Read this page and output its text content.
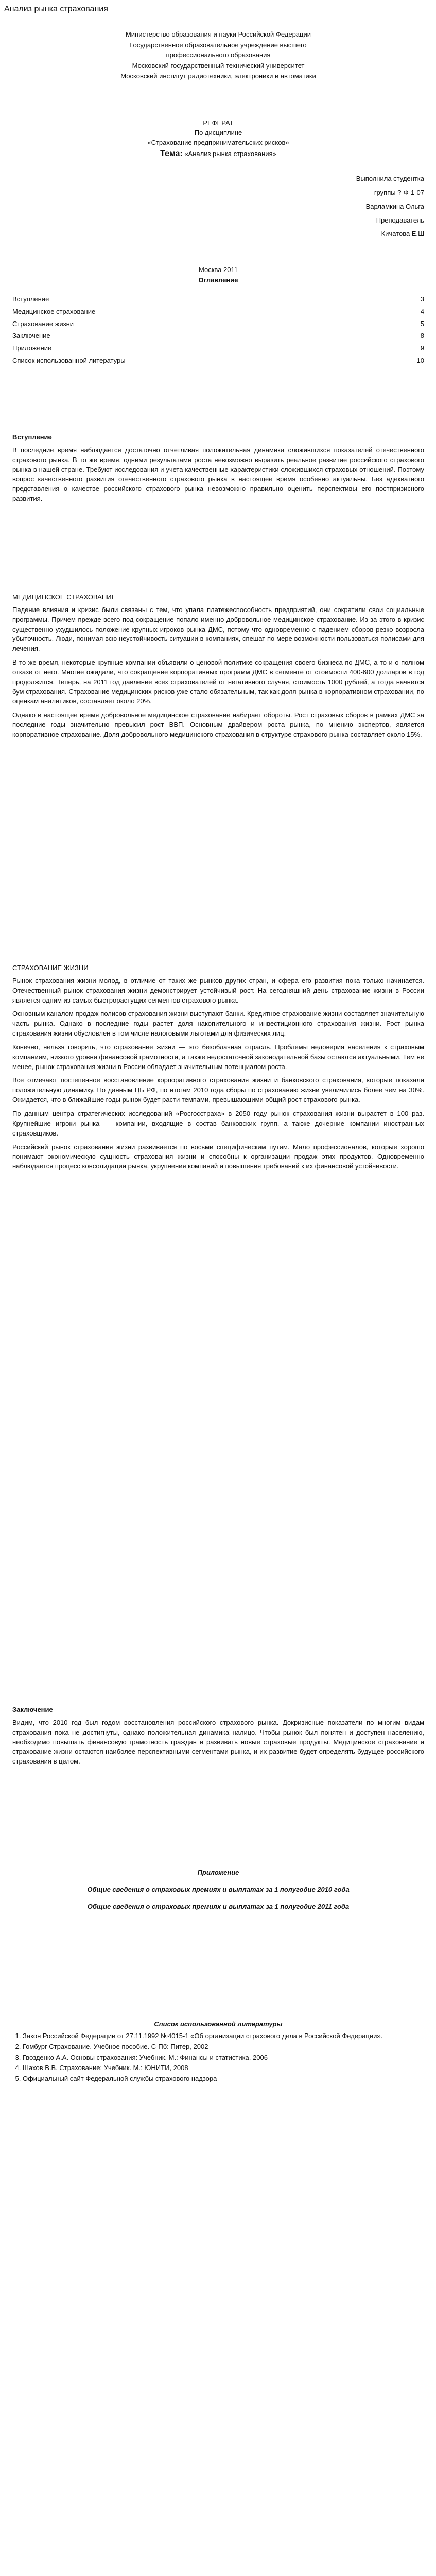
Анализ рынка страхования
Министерство образования и науки Российской Федерации
Государственное образовательное учреждение высшего профессионального образования
Московский государственный технический университет
Московский институт радиотехники, электроники и автоматики
РЕФЕРАТ
По дисциплине
«Страхование предпринимательских рисков»
Тема: «Анализ рынка страхования»
Выполнила студентка
группы ?-Ф-1-07
Варламкина Ольга
Преподаватель
Кичатова Е.Ш
Москва 2011
Оглавление
Вступление	3
Медицинское страхование	4
Страхование жизни	5
Заключение	8
Приложение	9
Список использованной литературы	10
Вступление

В последние время наблюдается достаточно отчетливая положительная динамика сложившихся показателей отечественного страхового рынка. В то же время, одними результатами роста невозможно выразить реальное развитие российского страхового рынка в нашей стране. Требуют исследования и учета качественные характеристики сложившихся страховых отношений. Поэтому вопрос качественного развития отечественного страхового рынка в настоящее время особенно актуальны. Без адекватного представления о качестве российского страхового рынка невозможно правильно оценить перспективы его постпризисного развития.

МЕДИЦИНСКОЕ СТРАХОВАНИЕ

Падение влияния и кризис были связаны с тем, что упала платежеспособность предприятий, они сократили свои социальные программы. Причем прежде всего под сокращение попало именно добровольное медицинское страхование. Из-за этого в кризис существенно ухудшилось положение крупных игроков рынка ДМС, потому что одновременно с падением сборов резко возросла убыточность. Люди, понимая всю неустойчивость ситуации в компаниях, спешат по мере возможности пользоваться полисами для лечения.

В то же время, некоторые крупные компании объявили о ценовой политике сокращения своего бизнеса по ДМС, а то и о полном отказе от него. Многие ожидали, что сокращение корпоративных программ ДМС в сегменте от стоимости 400-600 долларов в год продолжится. Теперь, на 2011 год давление всех страхователей от негативного случая, стоимость 1000 рублей, а тогда начнется бум страхования. Страхование медицинских рисков уже стало обязательным, так как доля рынка в корпоративном страховании, по оценкам аналитиков, составляет около 20%.

Однако в настоящее время добровольное медицинское страхование набирает обороты. Рост страховых сборов в рамках ДМС за последние годы значительно превысил рост ВВП. Основным драйвером роста рынка, по мнению экспертов, является корпоративное страхование. Доля добровольного медицинского страхования в структуре страхового рынка составляет около 15%.

СТРАХОВАНИЕ ЖИЗНИ

Рынок страхования жизни молод, в отличие от таких же рынков других стран, и сфера его развития пока только начинается. Отечественный рынок страхования жизни демонстрирует устойчивый рост. На сегодняшний день страхование жизни в России является одним из самых быстрорастущих сегментов страхового рынка.

Основным каналом продаж полисов страхования жизни выступают банки. Кредитное страхование жизни составляет значительную часть рынка. Однако в последние годы растет доля накопительного и инвестиционного страхования жизни. Рост рынка страхования жизни обусловлен в том числе налоговыми льготами для физических лиц.

Конечно, нельзя говорить, что страхование жизни — это безоблачная отрасль. Проблемы недоверия населения к страховым компаниям, низкого уровня финансовой грамотности, а также недостаточной законодательной базы остаются актуальными. Тем не менее, рынок страхования жизни в России обладает значительным потенциалом роста.

Все отмечают постепенное восстановление корпоративного страхования жизни и банковского страхования, которые показали положительную динамику. По данным ЦБ РФ, по итогам 2010 года сборы по страхованию жизни увеличились более чем на 30%. Ожидается, что в ближайшие годы рынок будет расти темпами, превышающими общий рост страхового рынка.

По данным центра стратегических исследований «Росгосстраха» в 2050 году рынок страхования жизни вырастет в 100 раз. Крупнейшие игроки рынка — компании, входящие в состав банковских групп, а также дочерние компании иностранных страховщиков.

Российский рынок страхования жизни развивается по восьми специфическим путям. Мало профессионалов, которые хорошо понимают экономическую сущность страхования жизни и способны к организации продаж этих продуктов. Одновременно наблюдается процесс консолидации рынка, укрупнения компаний и повышения требований к их финансовой устойчивости.

Заключение

Видим, что 2010 год был годом восстановления российского страхового рынка. Докризисные показатели по многим видам страхования пока не достигнуты, однако положительная динамика налицо. Чтобы рынок был понятен и доступен населению, необходимо повышать финансовую грамотность граждан и развивать новые страховые продукты. Медицинское страхование и страхование жизни остаются наиболее перспективными сегментами рынка, и их развитие будет определять будущее российского страхования в целом.

Приложение
Общие сведения о страховых премиях и выплатах за 1 полугодие 2010 года
Общие сведения о страховых премиях и выплатах за 1 полугодие 2011 года
Список использованной литературы
1. Закон Российской Федерации от 27.11.1992 №4015-1 «Об организации страхового дела в Российской Федерации».
2. Гомбург Страхование. Учебное пособие. С-Пб: Питер, 2002
3. Гвозденко А.А. Основы страхования: Учебник. М.: Финансы и статистика, 2006
4. Шахов В.В. Страхование: Учебник. М.: ЮНИТИ, 2008
5. Официальный сайт Федеральной службы страхового надзора
